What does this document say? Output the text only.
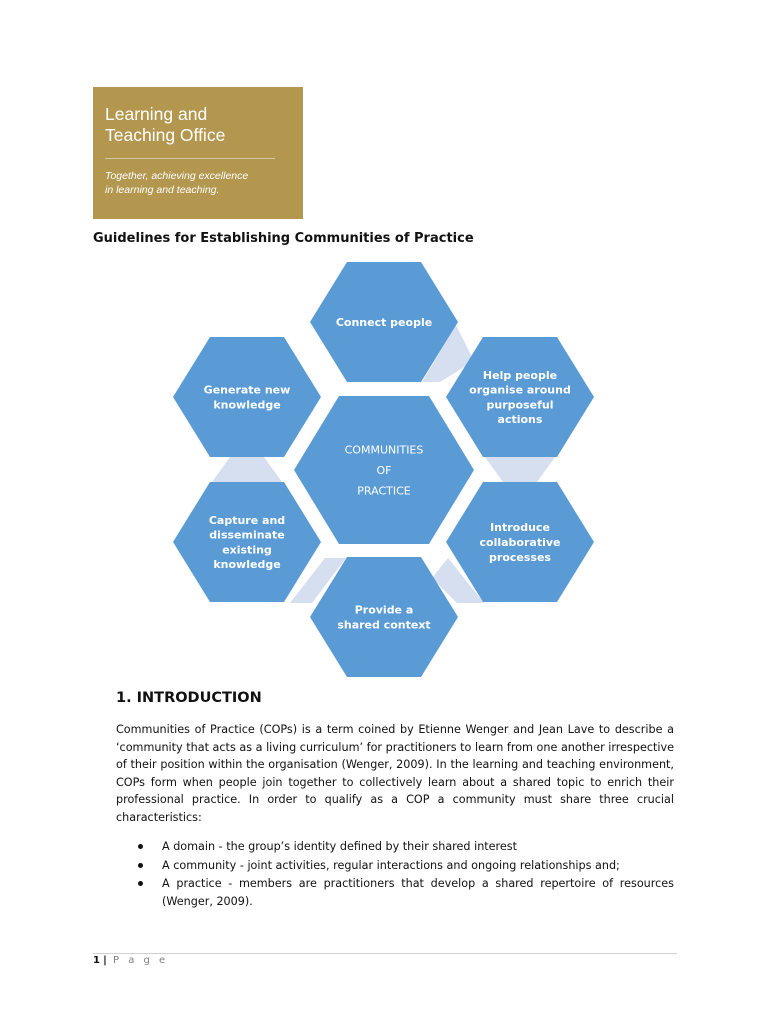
Learning and
Teaching Office
Together, achieving excellence
in learning and teaching.
Guidelines for Establishing Communities of Practice
Connect people
Help people
organise around
purposeful
actions
Introduce
collaborative
processes
Provide a
shared context
Capture and
disseminate
existing
knowledge
Generate new
knowledge
COMMUNITIES
OF
PRACTICE
1. INTRODUCTION

Communities of Practice (COPs) is a term coined by Etienne Wenger and Jean Lave to describe a ‘community that acts as a living curriculum’ for practitioners to learn from one another irrespective of their position within the organisation (Wenger, 2009). In the learning and teaching environment, COPs form when people join together to collectively learn about a shared topic to enrich their professional practice. In order to qualify as a COP a community must share three crucial characteristics:

A domain - the group’s identity defined by their shared interest
A community - joint activities, regular interactions and ongoing relationships and;
A practice - members are practitioners that develop a shared repertoire of resources (Wenger, 2009).
1 | P a g e
